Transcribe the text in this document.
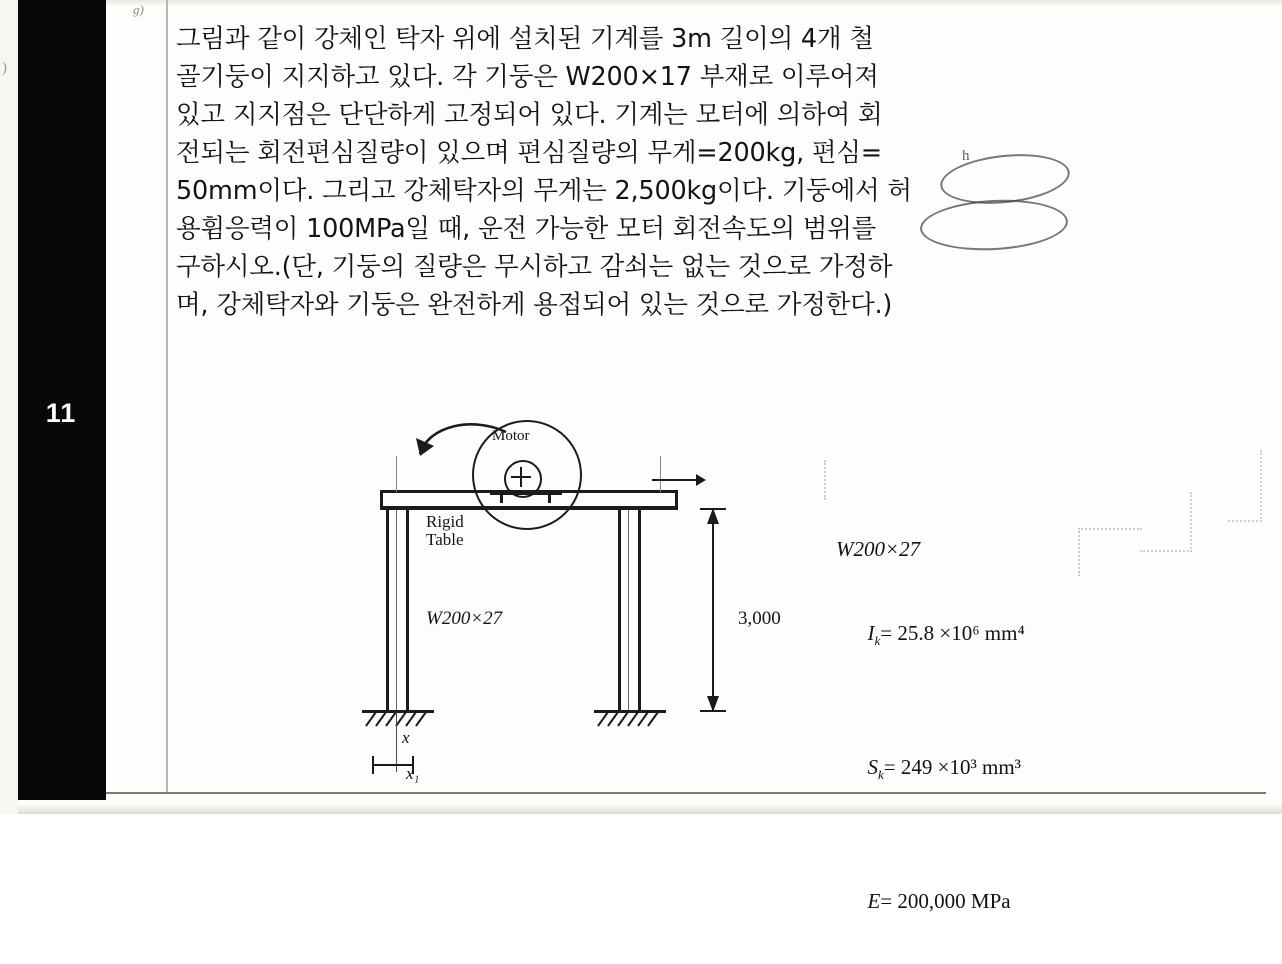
11
g)
)
그림과 같이 강체인 탁자 위에 설치된 기계를 3m 길이의 4개 철
골기둥이 지지하고 있다. 각 기둥은 W200×17 부재로 이루어져
있고 지지점은 단단하게 고정되어 있다. 기계는 모터에 의하여 회
전되는 회전편심질량이 있으며 편심질량의 무게=200kg, 편심=
50mm이다. 그리고 강체탁자의 무게는 2,500kg이다. 기둥에서 허
용휨응력이 100MPa일 때, 운전 가능한 모터 회전속도의 범위를
구하시오.(단, 기둥의 질량은 무시하고 감쇠는 없는 것으로 가정하
며, 강체탁자와 기둥은 완전하게 용접되어 있는 것으로 가정한다.)
h
Motor
3,000
Rigid
Table
W200×27
x
x₁
W200×27

$I_k= 25.8 \times 10^6$ mm⁴

$S_k= 249 \times 10^3$ mm³

E= 200,000 MPa
